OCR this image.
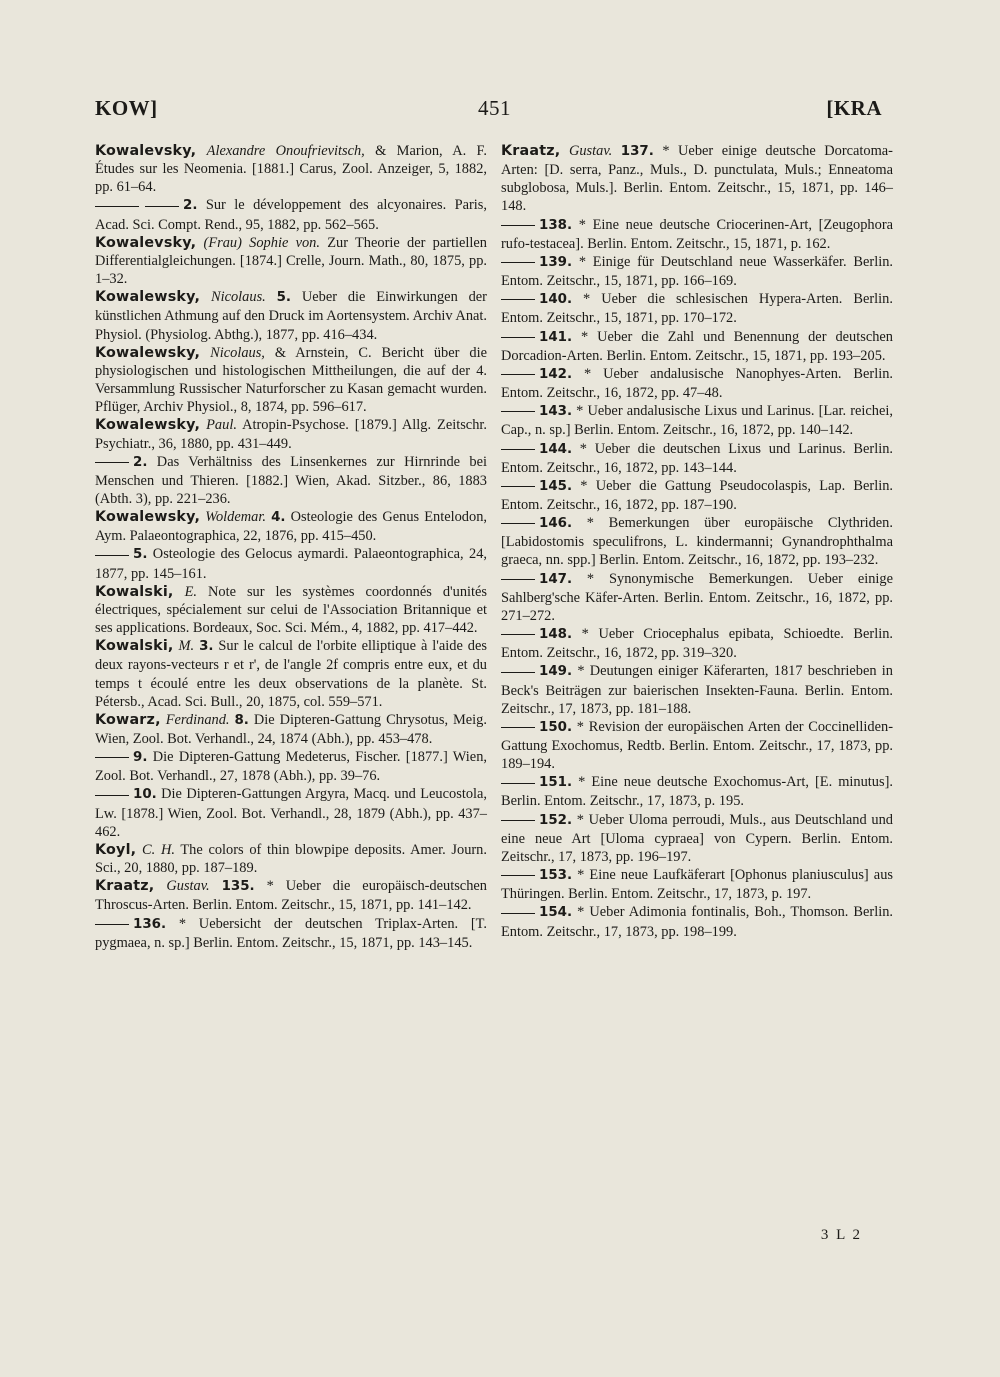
KOW]	451	[KRA

Kowalevsky, Alexandre Onoufrievitsch, & Marion, A. F. Études sur les Neomenia. [1881.] Carus, Zool. Anzeiger, 5, 1882, pp. 61–64.

2. Sur le développement des alcyonaires. Paris, Acad. Sci. Compt. Rend., 95, 1882, pp. 562–565.

Kowalevsky, (Frau) Sophie von. Zur Theorie der partiellen Differentialgleichungen. [1874.] Crelle, Journ. Math., 80, 1875, pp. 1–32.

Kowalewsky, Nicolaus. 5. Ueber die Einwirkungen der künstlichen Athmung auf den Druck im Aortensystem. Archiv Anat. Physiol. (Physiolog. Abthg.), 1877, pp. 416–434.

Kowalewsky, Nicolaus, & Arnstein, C. Bericht über die physiologischen und histologischen Mittheilungen, die auf der 4. Versammlung Russischer Naturforscher zu Kasan gemacht wurden. Pflüger, Archiv Physiol., 8, 1874, pp. 596–617.

Kowalewsky, Paul. Atropin-Psychose. [1879.] Allg. Zeitschr. Psychiatr., 36, 1880, pp. 431–449.

2. Das Verhältniss des Linsenkernes zur Hirnrinde bei Menschen und Thieren. [1882.] Wien, Akad. Sitzber., 86, 1883 (Abth. 3), pp. 221–236.

Kowalewsky, Woldemar. 4. Osteologie des Genus Entelodon, Aym. Palaeontographica, 22, 1876, pp. 415–450.

5. Osteologie des Gelocus aymardi. Palaeontographica, 24, 1877, pp. 145–161.

Kowalski, E. Note sur les systèmes coordonnés d'unités électriques, spécialement sur celui de l'Association Britannique et ses applications. Bordeaux, Soc. Sci. Mém., 4, 1882, pp. 417–442.

Kowalski, M. 3. Sur le calcul de l'orbite elliptique à l'aide des deux rayons-vecteurs r et r', de l'angle 2f compris entre eux, et du temps t écoulé entre les deux observations de la planète. St. Pétersb., Acad. Sci. Bull., 20, 1875, col. 559–571.

Kowarz, Ferdinand. 8. Die Dipteren-Gattung Chrysotus, Meig. Wien, Zool. Bot. Verhandl., 24, 1874 (Abh.), pp. 453–478.

9. Die Dipteren-Gattung Medeterus, Fischer. [1877.] Wien, Zool. Bot. Verhandl., 27, 1878 (Abh.), pp. 39–76.

10. Die Dipteren-Gattungen Argyra, Macq. und Leucostola, Lw. [1878.] Wien, Zool. Bot. Verhandl., 28, 1879 (Abh.), pp. 437–462.

Koyl, C. H. The colors of thin blowpipe deposits. Amer. Journ. Sci., 20, 1880, pp. 187–189.

Kraatz, Gustav. 135. * Ueber die europäisch-deutschen Throscus-Arten. Berlin. Entom. Zeitschr., 15, 1871, pp. 141–142.

136. * Uebersicht der deutschen Triplax-Arten. [T. pygmaea, n. sp.] Berlin. Entom. Zeitschr., 15, 1871, pp. 143–145.

Kraatz, Gustav. 137. * Ueber einige deutsche Dorcatoma-Arten: [D. serra, Panz., Muls., D. punctulata, Muls.; Enneatoma subglobosa, Muls.]. Berlin. Entom. Zeitschr., 15, 1871, pp. 146–148.

138. * Eine neue deutsche Criocerinen-Art, [Zeugophora rufo-testacea]. Berlin. Entom. Zeitschr., 15, 1871, p. 162.

139. * Einige für Deutschland neue Wasserkäfer. Berlin. Entom. Zeitschr., 15, 1871, pp. 166–169.

140. * Ueber die schlesischen Hypera-Arten. Berlin. Entom. Zeitschr., 15, 1871, pp. 170–172.

141. * Ueber die Zahl und Benennung der deutschen Dorcadion-Arten. Berlin. Entom. Zeitschr., 15, 1871, pp. 193–205.

142. * Ueber andalusische Nanophyes-Arten. Berlin. Entom. Zeitschr., 16, 1872, pp. 47–48.

143. * Ueber andalusische Lixus und Larinus. [Lar. reichei, Cap., n. sp.] Berlin. Entom. Zeitschr., 16, 1872, pp. 140–142.

144. * Ueber die deutschen Lixus und Larinus. Berlin. Entom. Zeitschr., 16, 1872, pp. 143–144.

145. * Ueber die Gattung Pseudocolaspis, Lap. Berlin. Entom. Zeitschr., 16, 1872, pp. 187–190.

146. * Bemerkungen über europäische Clythriden. [Labidostomis speculifrons, L. kindermanni; Gynandrophthalma graeca, nn. spp.] Berlin. Entom. Zeitschr., 16, 1872, pp. 193–232.

147. * Synonymische Bemerkungen. Ueber einige Sahlberg'sche Käfer-Arten. Berlin. Entom. Zeitschr., 16, 1872, pp. 271–272.

148. * Ueber Criocephalus epibata, Schioedte. Berlin. Entom. Zeitschr., 16, 1872, pp. 319–320.

149. * Deutungen einiger Käferarten, 1817 beschrieben in Beck's Beiträgen zur baierischen Insekten-Fauna. Berlin. Entom. Zeitschr., 17, 1873, pp. 181–188.

150. * Revision der europäischen Arten der Coccinelliden-Gattung Exochomus, Redtb. Berlin. Entom. Zeitschr., 17, 1873, pp. 189–194.

151. * Eine neue deutsche Exochomus-Art, [E. minutus]. Berlin. Entom. Zeitschr., 17, 1873, p. 195.

152. * Ueber Uloma perroudi, Muls., aus Deutschland und eine neue Art [Uloma cypraea] von Cypern. Berlin. Entom. Zeitschr., 17, 1873, pp. 196–197.

153. * Eine neue Laufkäferart [Ophonus planiusculus] aus Thüringen. Berlin. Entom. Zeitschr., 17, 1873, p. 197.

154. * Ueber Adimonia fontinalis, Boh., Thomson. Berlin. Entom. Zeitschr., 17, 1873, pp. 198–199.

3 L 2
